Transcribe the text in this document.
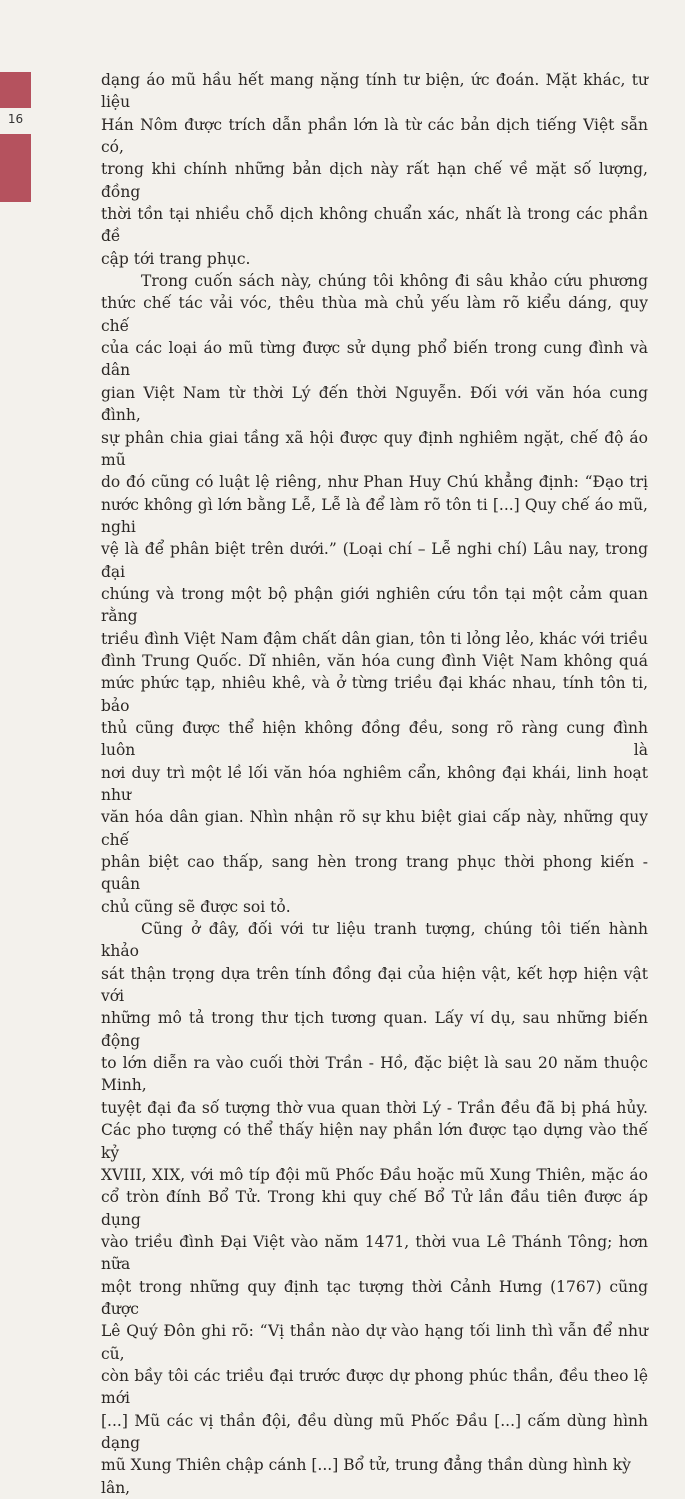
16

dạng áo mũ hầu hết mang nặng tính tư biện, ức đoán. Mặt khác, tư liệu
Hán Nôm được trích dẫn phần lớn là từ các bản dịch tiếng Việt sẵn có,
trong khi chính những bản dịch này rất hạn chế về mặt số lượng, đồng
thời tồn tại nhiều chỗ dịch không chuẩn xác, nhất là trong các phần đề
cập tới trang phục.

Trong cuốn sách này, chúng tôi không đi sâu khảo cứu phương
thức chế tác vải vóc, thêu thùa mà chủ yếu làm rõ kiểu dáng, quy chế
của các loại áo mũ từng được sử dụng phổ biến trong cung đình và dân
gian Việt Nam từ thời Lý đến thời Nguyễn. Đối với văn hóa cung đình,
sự phân chia giai tầng xã hội được quy định nghiêm ngặt, chế độ áo mũ
do đó cũng có luật lệ riêng, như Phan Huy Chú khẳng định: “Đạo trị
nước không gì lớn bằng Lễ, Lễ là để làm rõ tôn ti [...] Quy chế áo mũ, nghi
vệ là để phân biệt trên dưới.” (Loại chí – Lễ nghi chí) Lâu nay, trong đại
chúng và trong một bộ phận giới nghiên cứu tồn tại một cảm quan rằng
triều đình Việt Nam đậm chất dân gian, tôn ti lỏng lẻo, khác với triều
đình Trung Quốc. Dĩ nhiên, văn hóa cung đình Việt Nam không quá
mức phức tạp, nhiêu khê, và ở từng triều đại khác nhau, tính tôn ti, bảo
thủ cũng được thể hiện không đồng đều, song rõ ràng cung đình luôn là
nơi duy trì một lề lối văn hóa nghiêm cẩn, không đại khái, linh hoạt như
văn hóa dân gian. Nhìn nhận rõ sự khu biệt giai cấp này, những quy chế
phân biệt cao thấp, sang hèn trong trang phục thời phong kiến - quân
chủ cũng sẽ được soi tỏ.

Cũng ở đây, đối với tư liệu tranh tượng, chúng tôi tiến hành khảo
sát thận trọng dựa trên tính đồng đại của hiện vật, kết hợp hiện vật với
những mô tả trong thư tịch tương quan. Lấy ví dụ, sau những biến động
to lớn diễn ra vào cuối thời Trần - Hồ, đặc biệt là sau 20 năm thuộc Minh,
tuyệt đại đa số tượng thờ vua quan thời Lý - Trần đều đã bị phá hủy.
Các pho tượng có thể thấy hiện nay phần lớn được tạo dựng vào thế kỷ
XVIII, XIX, với mô típ đội mũ Phốc Đầu hoặc mũ Xung Thiên, mặc áo
cổ tròn đính Bổ Tử. Trong khi quy chế Bổ Tử lần đầu tiên được áp dụng
vào triều đình Đại Việt vào năm 1471, thời vua Lê Thánh Tông; hơn nữa
một trong những quy định tạc tượng thời Cảnh Hưng (1767) cũng được
Lê Quý Đôn ghi rõ: “Vị thần nào dự vào hạng tối linh thì vẫn để như cũ,
còn bầy tôi các triều đại trước được dự phong phúc thần, đều theo lệ mới
[...] Mũ các vị thần đội, đều dùng mũ Phốc Đầu [...] cấm dùng hình dạng
mũ Xung Thiên chập cánh [...] Bổ tử, trung đẳng thần dùng hình kỳ lân,
